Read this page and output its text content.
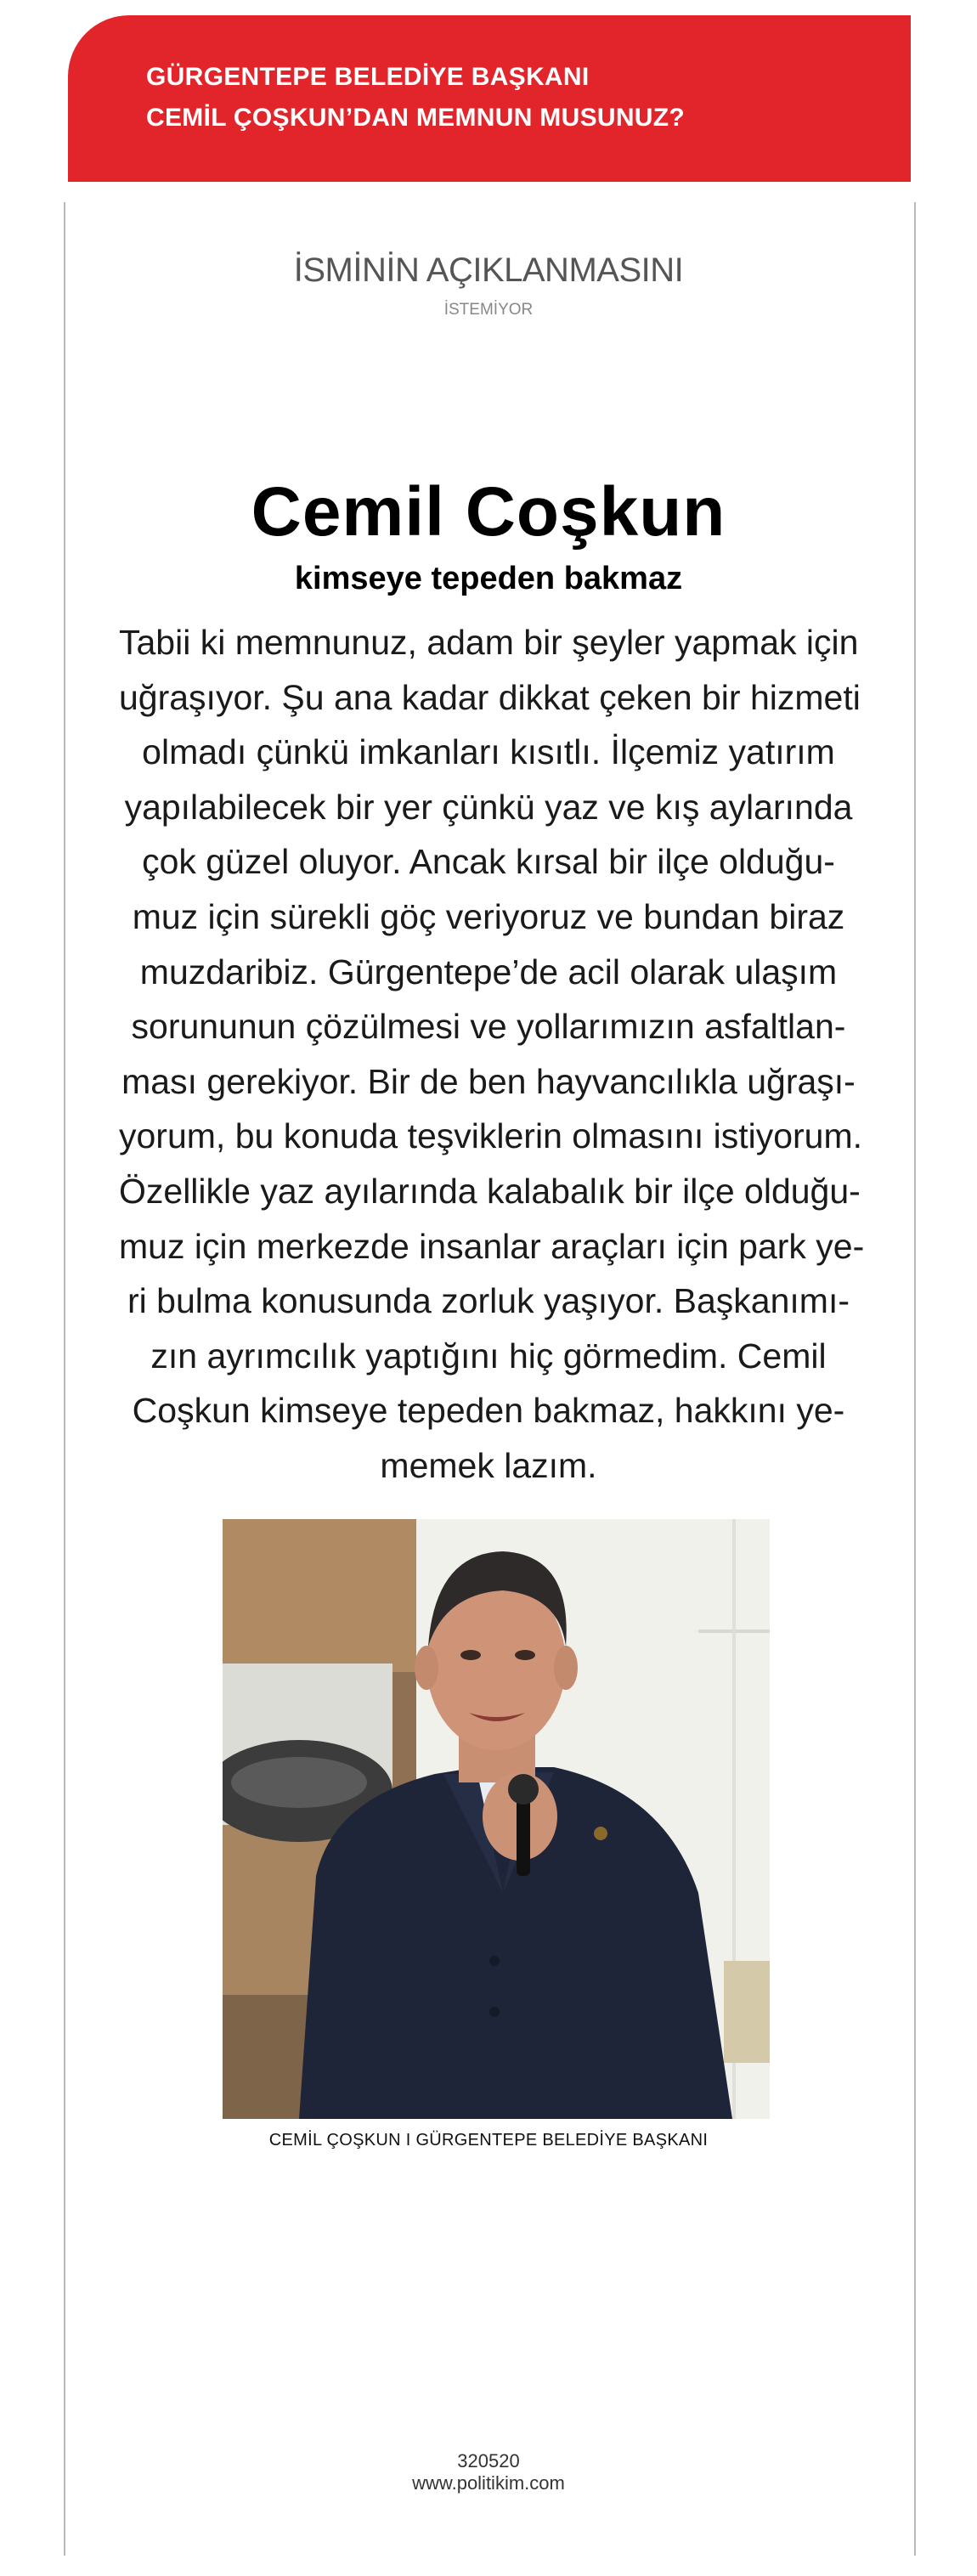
GÜRGENTEPE BELEDİYE BAŞKANI
CEMİL ÇOŞKUN’DAN MEMNUN MUSUNUZ?
İSMİNİN AÇIKLANMASINI
İSTEMİYOR
Cemil Coşkun
kimseye tepeden bakmaz
Tabii ki memnunuz, adam bir şeyler yapmak için
uğraşıyor. Şu ana kadar dikkat çeken bir hizmeti
olmadı çünkü imkanları kısıtlı. İlçemiz yatırım
yapılabilecek bir yer çünkü yaz ve kış aylarında
çok güzel oluyor. Ancak kırsal bir ilçe olduğu-
muz için sürekli göç veriyoruz ve bundan biraz
muzdaribiz. Gürgentepe’de acil olarak ulaşım
sorununun çözülmesi ve yollarımızın asfaltlan-
ması gerekiyor. Bir de ben hayvancılıkla uğraşı-
yorum, bu konuda teşviklerin olmasını istiyorum.
Özellikle yaz ayılarında kalabalık bir ilçe olduğu-
muz için merkezde insanlar araçları için park ye-
ri bulma konusunda zorluk yaşıyor. Başkanımı-
zın ayrımcılık yaptığını hiç görmedim. Cemil
Coşkun kimseye tepeden bakmaz, hakkını ye-
memek lazım.
CEMİL ÇOŞKUN I GÜRGENTEPE BELEDİYE BAŞKANI
320520
www.politikim.com
